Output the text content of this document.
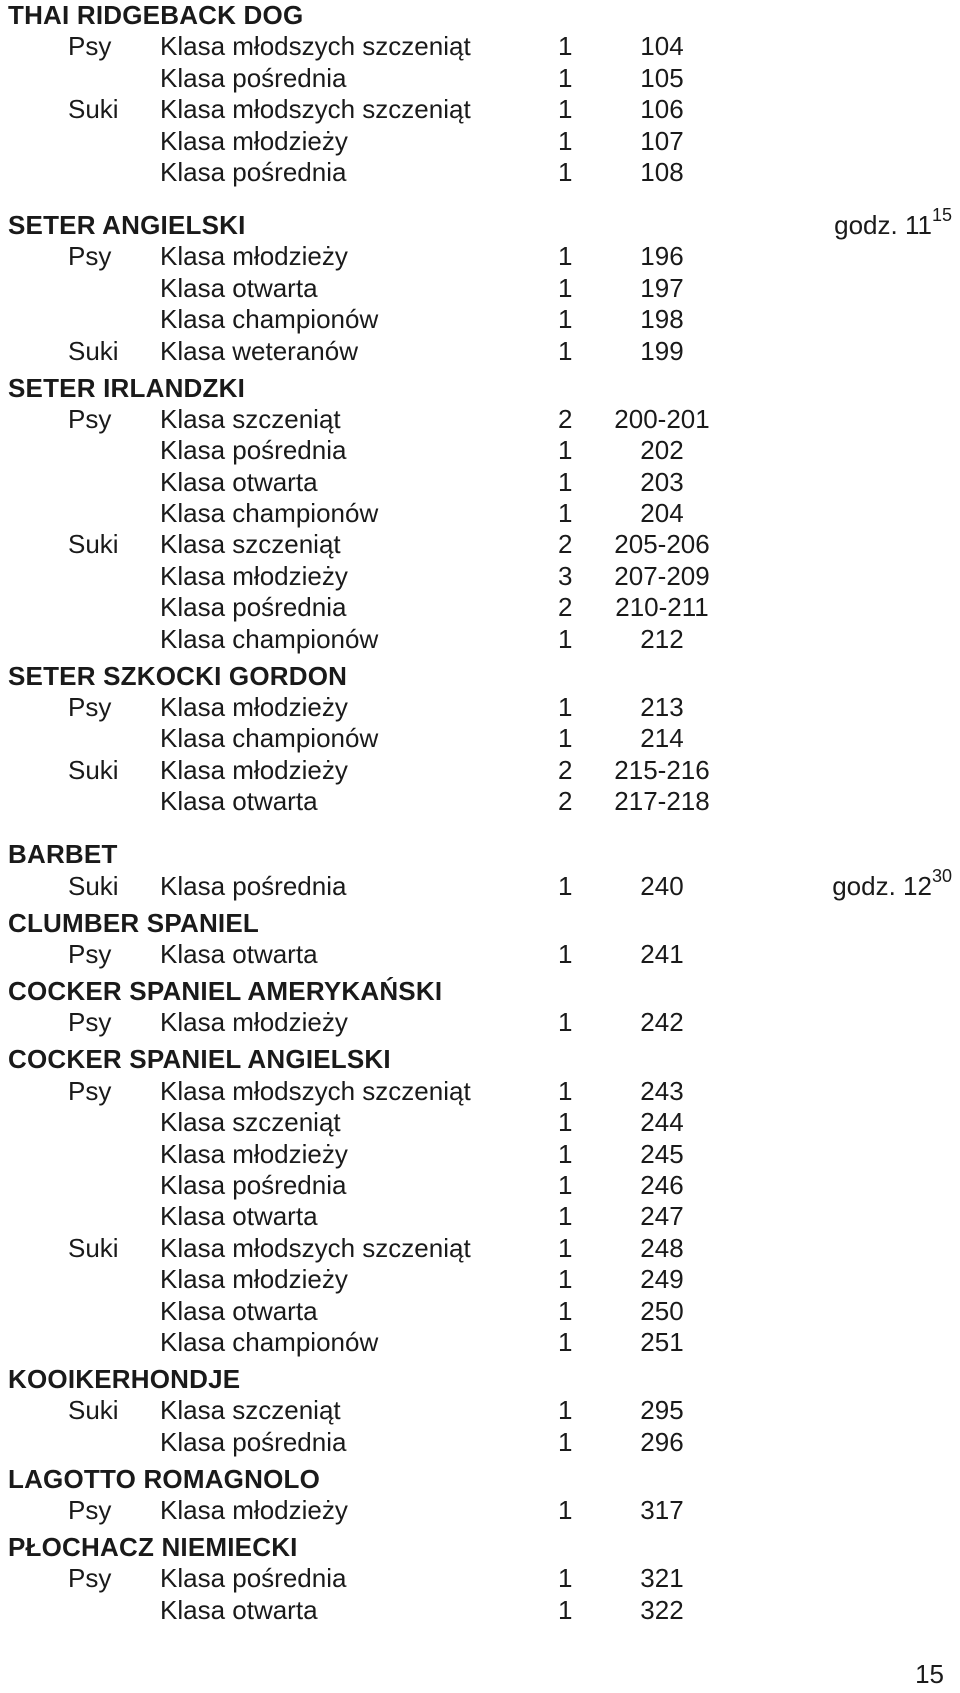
THAI RIDGEBACK DOG
Psy Klasa młodszych szczeniąt	1	104
Klasa pośrednia	1	105
Suki Klasa młodszych szczeniąt	1	106
Klasa młodzieży	1	107
Klasa pośrednia	1	108
SETER ANGIELSKI	godz. $11^{15}$
Psy Klasa młodzieży	1	196
Klasa otwarta	1	197
Klasa championów	1	198
Suki Klasa weteranów	1	199
SETER IRLANDZKI
Psy Klasa szczeniąt	2 200-201
Klasa pośrednia	1	202
Klasa otwarta	1	203
Klasa championów	1	204
Suki Klasa szczeniąt	2 205-206
Klasa młodzieży	3 207-209
Klasa pośrednia	2 210-211
Klasa championów	1	212
SETER SZKOCKI GORDON
Psy Klasa młodzieży	1	213
Klasa championów	1	214
Suki Klasa młodzieży	2 215-216
Klasa otwarta	2 217-218
BARBET
Suki Klasa pośrednia	1	240	godz. $12^{30}$
CLUMBER SPANIEL
Psy Klasa otwarta	1	241
COCKER SPANIEL AMERYKAŃSKI
Psy Klasa młodzieży	1	242
COCKER SPANIEL ANGIELSKI
Psy Klasa młodszych szczeniąt	1	243
Klasa szczeniąt	1	244
Klasa młodzieży	1	245
Klasa pośrednia	1	246
Klasa otwarta	1	247
Suki Klasa młodszych szczeniąt	1	248
Klasa młodzieży	1	249
Klasa otwarta	1	250
Klasa championów	1	251
KOOIKERHONDJE
Suki Klasa szczeniąt	1	295
Klasa pośrednia	1	296
LAGOTTO ROMAGNOLO
Psy Klasa młodzieży	1	317
PŁOCHACZ NIEMIECKI
Psy Klasa pośrednia	1	321
Klasa otwarta	1	322
15
